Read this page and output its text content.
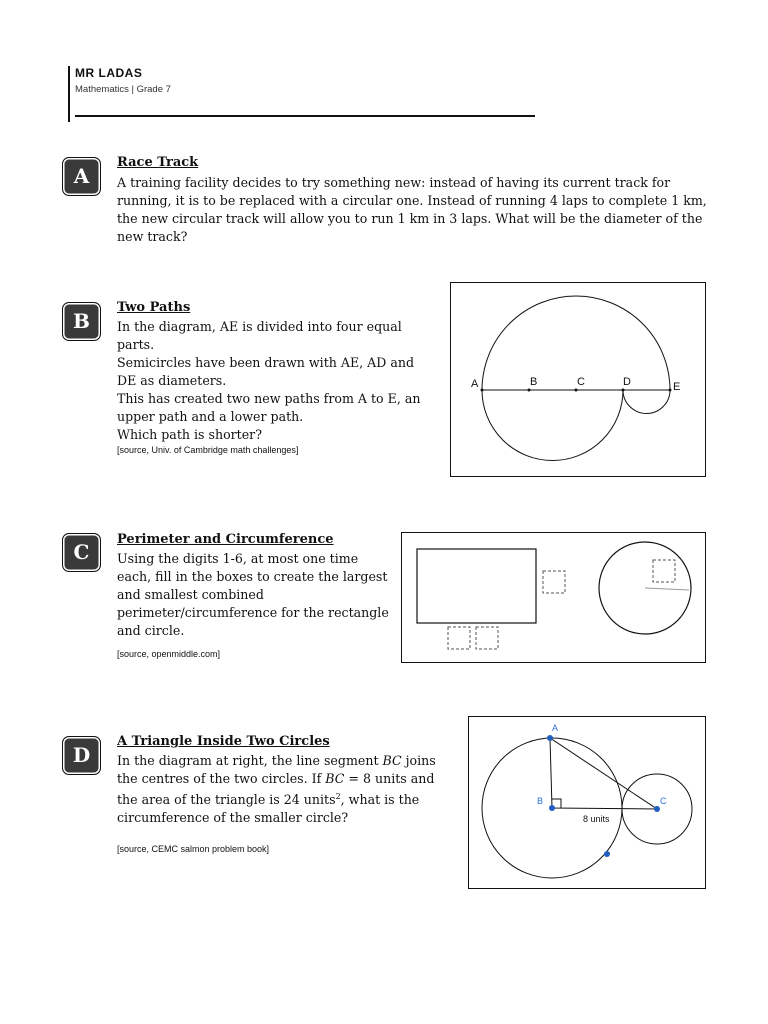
MR LADAS
Mathematics | Grade 7
A
Race Track
A training facility decides to try something new: instead of having its current track for running, it is to be replaced with a circular one. Instead of running 4 laps to complete 1 km, the new circular track will allow you to run 1 km in 3 laps. What will be the diameter of the new track?
B
Two Paths

In the diagram, AE is divided into four equal parts.

Semicircles have been drawn with AE, AD and DE as diameters.

This has created two new paths from A to E, an upper path and a lower path.

Which path is shorter?

[source, Univ. of Cambridge math challenges]
A	B	C	D	E
C
Perimeter and Circumference
Using the digits 1-6, at most one time each, fill in the boxes to create the largest and smallest combined perimeter/circumference for the rectangle and circle.
[source, openmiddle.com]
D
A Triangle Inside Two Circles
In the diagram at right, the line segment BC joins the centres of the two circles. If BC = 8 units and the area of the triangle is 24 units$^2$, what is the circumference of the smaller circle?
[source, CEMC salmon problem book]
A
B	C
8 units
